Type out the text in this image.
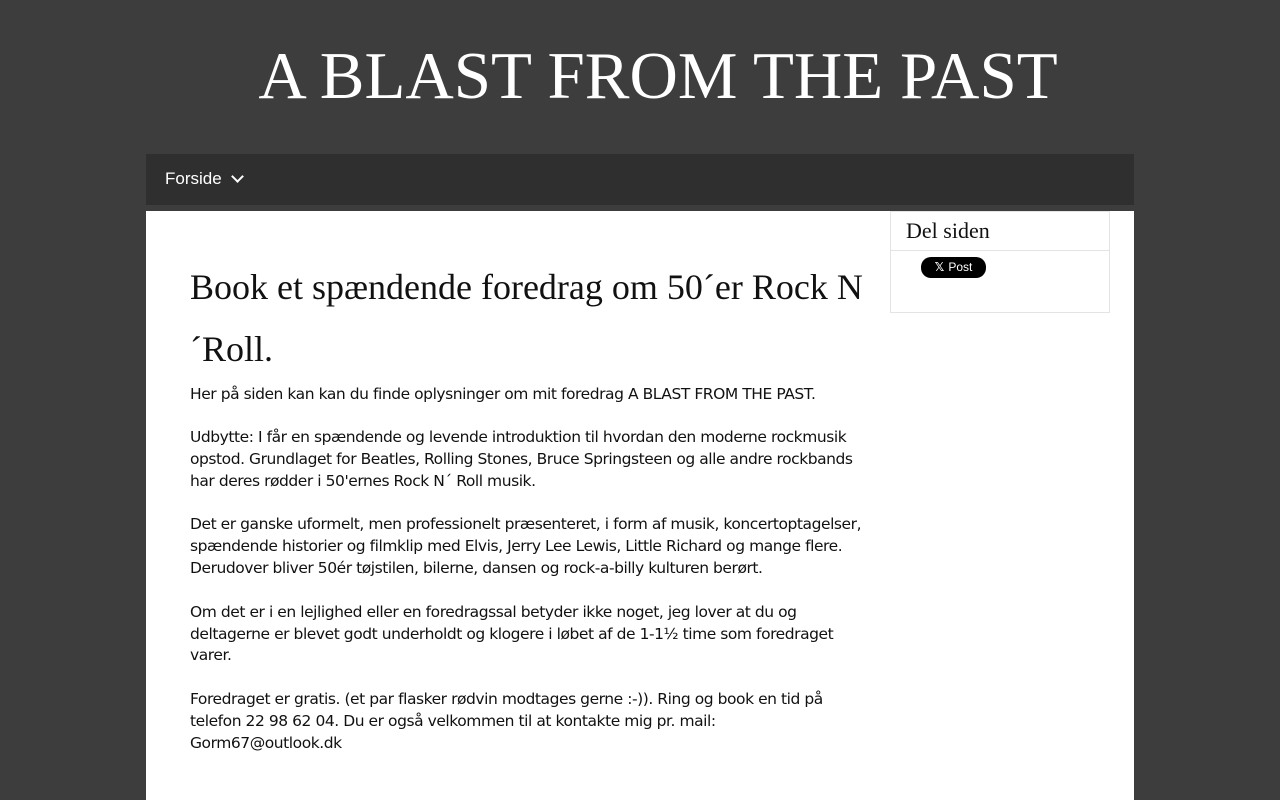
A BLAST FROM THE PAST
Forside
Book et spændende foredrag om 50´er Rock N´Roll.

Her på siden kan kan du finde oplysninger om mit foredrag A BLAST FROM THE PAST.

Udbytte: I får en spændende og levende introduktion til hvordan den moderne rockmusik opstod. Grundlaget for Beatles, Rolling Stones, Bruce Springsteen og alle andre rockbands har deres rødder i 50'ernes Rock N´ Roll musik.

Det er ganske uformelt, men professionelt præsenteret, i form af musik, koncertoptagelser, spændende historier og filmklip med Elvis, Jerry Lee Lewis, Little Richard og mange flere. Derudover bliver 50ér tøjstilen, bilerne, dansen og rock-a-billy kulturen berørt.

Om det er i en lejlighed eller en foredragssal betyder ikke noget, jeg lover at du og deltagerne er blevet godt underholdt og klogere i løbet af de 1-1½ time som foredraget varer.

Foredraget er gratis. (et par flasker rødvin modtages gerne :-)). Ring og book en tid på telefon 22 98 62 04. Du er også velkommen til at kontakte mig pr. mail: Gorm67@outlook.dk

Del siden
𝕏 Post
